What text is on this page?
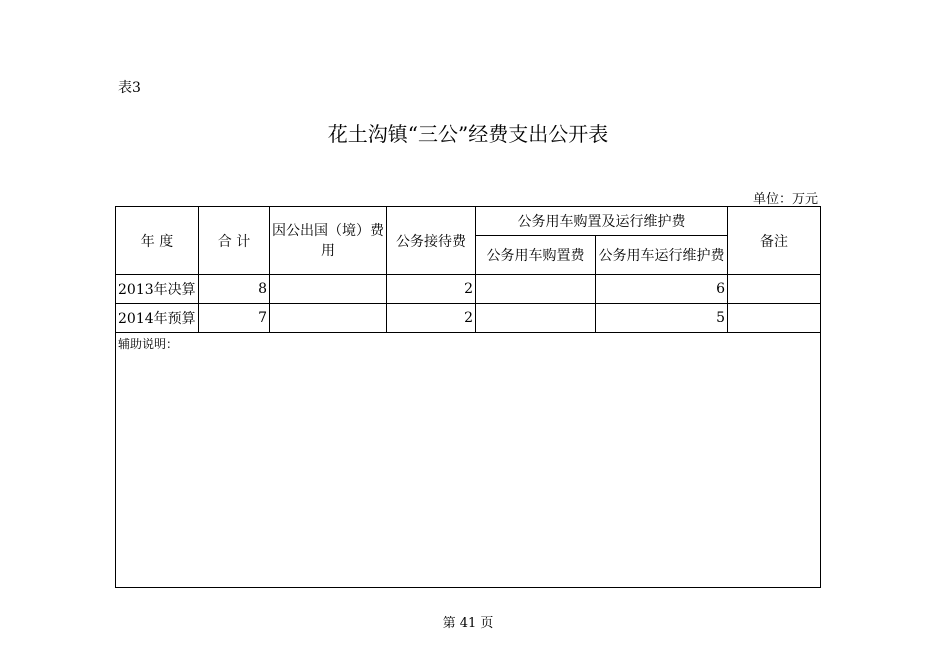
表3
花土沟镇“三公”经费支出公开表
单位：万元
年 度	合 计	因公出国（境）费用	公务接待费	公务用车购置及运行维护费		备注
				公务用车购置费	公务用车运行维护费	
2013年决算	8		2		6	
2014年预算	7		2		5	
辅助说明：						
第 41 页
